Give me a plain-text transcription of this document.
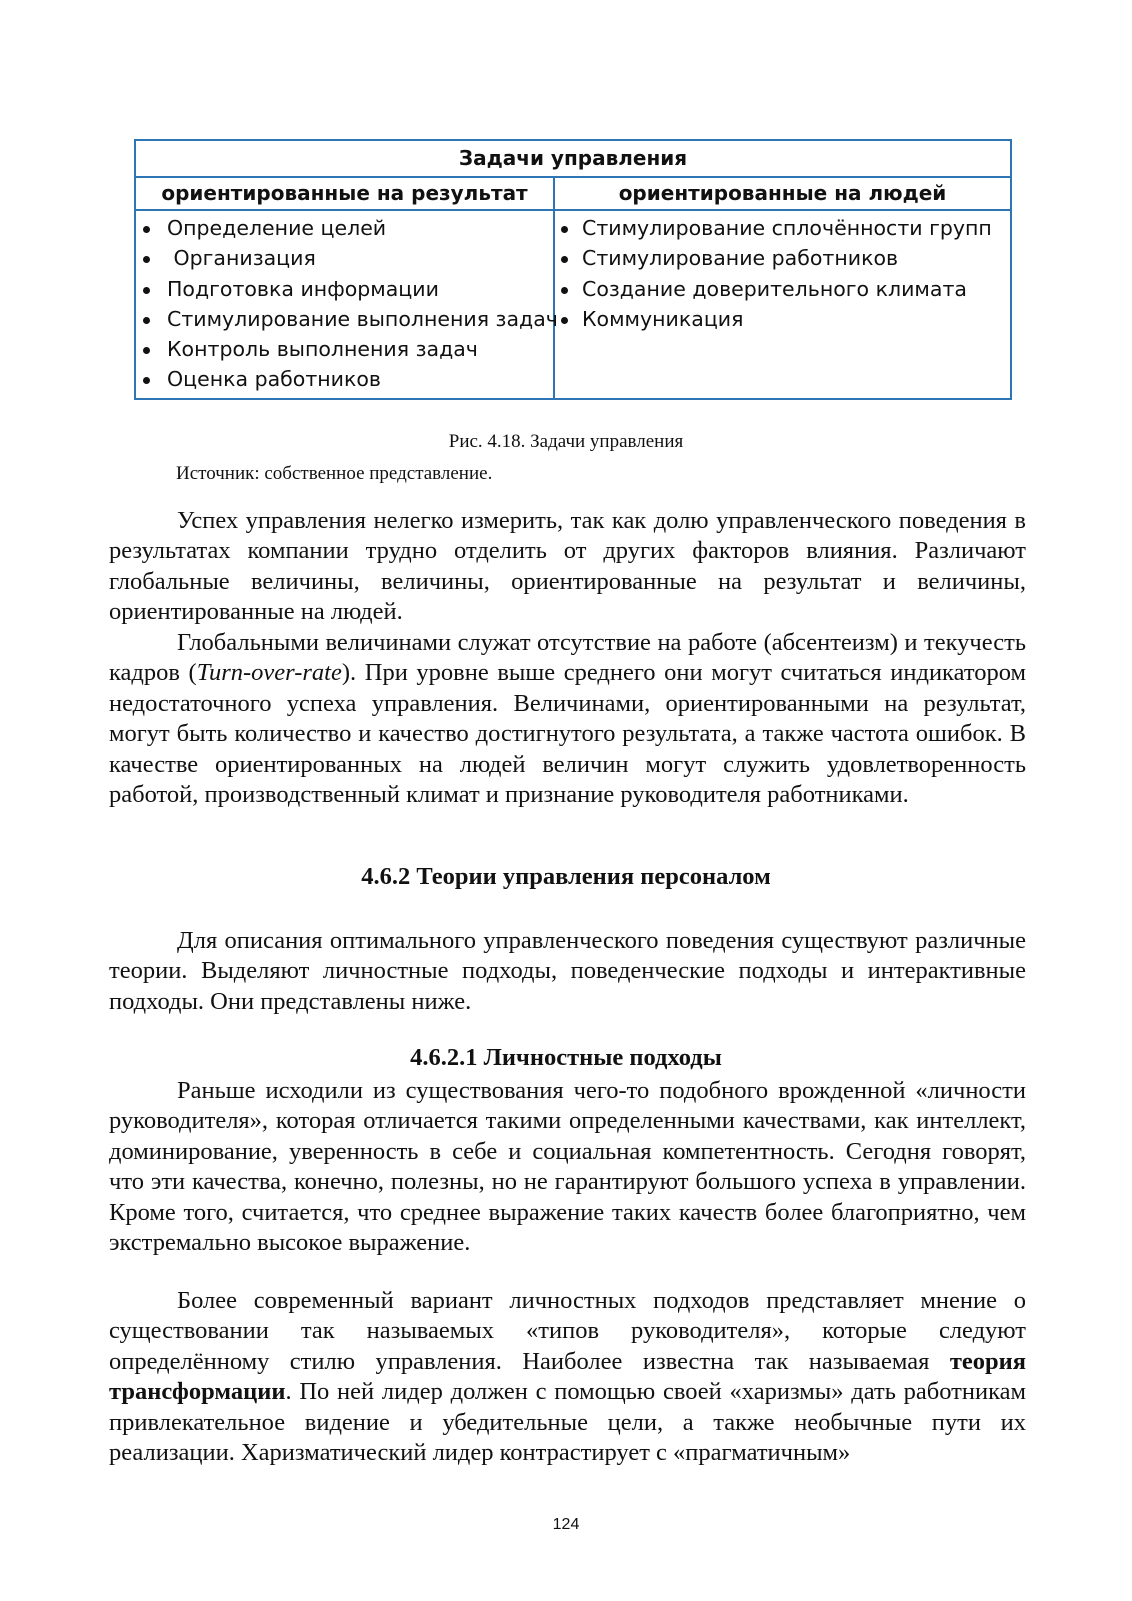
Задачи управления
ориентированные на результат	ориентированные на людей
Определение целей
Организация
Подготовка информации
Стимулирование выполнения задач
Контроль выполнения задач
Оценка работников
Стимулирование сплочённости групп
Стимулирование работников
Создание доверительного климата
Коммуникация
Рис. 4.18. Задачи управления
Источник: собственное представление.

Успех управления нелегко измерить, так как долю управленческого поведения в результатах компании трудно отделить от других факторов влияния. Различают глобальные величины, величины, ориентированные на результат и величины, ориентированные на людей.

Глобальными величинами служат отсутствие на работе (абсентеизм) и текучесть кадров (Turn-over-rate). При уровне выше среднего они могут считаться индикатором недостаточного успеха управления. Величинами, ориентированными на результат, могут быть количество и качество достигнутого результата, а также частота ошибок. В качестве ориентированных на людей величин могут служить удовлетворенность работой, производственный климат и признание руководителя работниками.

4.6.2 Теории управления персоналом

Для описания оптимального управленческого поведения существуют различные теории. Выделяют личностные подходы, поведенческие подходы и интерактивные подходы. Они представлены ниже.

4.6.2.1 Личностные подходы

Раньше исходили из существования чего-то подобного врожденной «личности руководителя», которая отличается такими определенными качествами, как интеллект, доминирование, уверенность в себе и социальная компетентность. Сегодня говорят, что эти качества, конечно, полезны, но не гарантируют большого успеха в управлении. Кроме того, считается, что среднее выражение таких качеств более благоприятно, чем экстремально высокое выражение.

Более современный вариант личностных подходов представляет мнение о существовании так называемых «типов руководителя», которые следуют определённому стилю управления. Наиболее известна так называемая теория трансформации. По ней лидер должен с помощью своей «харизмы» дать работникам привлекательное видение и убедительные цели, а также необычные пути их реализации. Харизматический лидер контрастирует с «прагматичным»

124
